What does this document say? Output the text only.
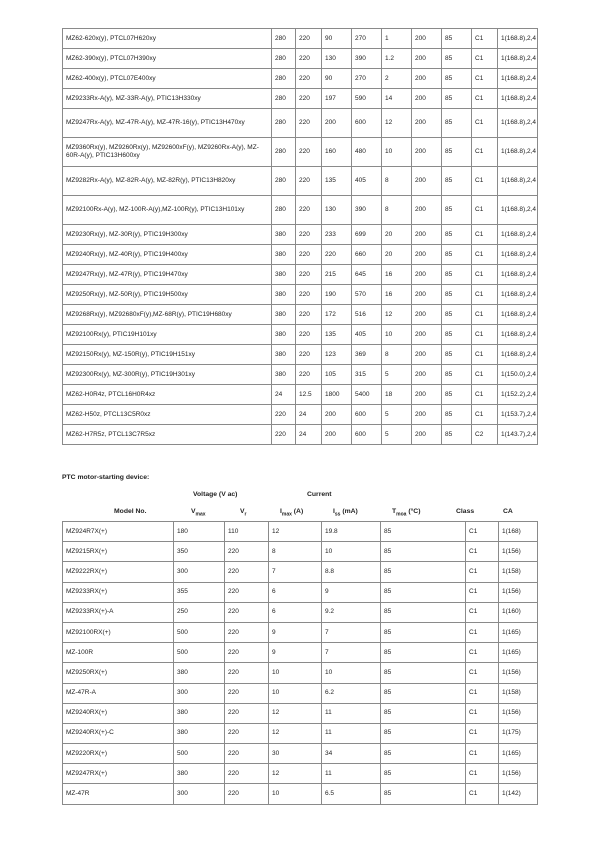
MZ62-620x(y), PTCL07H620xy	280	220	90	270	1	200	85	C1	1(168.8),2,4
MZ62-390x(y), PTCL07H390xy	280	220	130	390	1.2	200	85	C1	1(168.8),2,4
MZ62-400x(y), PTCL07E400xy	280	220	90	270	2	200	85	C1	1(168.8),2,4
MZ9233Rx-A(y), MZ-33R-A(y), PTIC13H330xy	280	220	197	590	14	200	85	C1	1(168.8),2,4
MZ9247Rx-A(y), MZ-47R-A(y), MZ-47R-16(y), PTIC13H470xy	280	220	200	600	12	200	85	C1	1(168.8),2,4
MZ9360Rx(y), MZ9260Rx(y), MZ92600xF(y), MZ9260Rx-A(y), MZ-60R-A(y), PTIC13H600xy	280	220	160	480	10	200	85	C1	1(168.8),2,4
MZ9282Rx-A(y), MZ-82R-A(y), MZ-82R(y), PTIC13H820xy	280	220	135	405	8	200	85	C1	1(168.8),2,4
MZ92100Rx-A(y), MZ-100R-A(y),MZ-100R(y), PTIC13H101xy	280	220	130	390	8	200	85	C1	1(168.8),2,4
MZ9230Rx(y), MZ-30R(y), PTIC19H300xy	380	220	233	699	20	200	85	C1	1(168.8),2,4
MZ9240Rx(y), MZ-40R(y), PTIC19H400xy	380	220	220	660	20	200	85	C1	1(168.8),2,4
MZ9247Rx(y), MZ-47R(y), PTIC19H470xy	380	220	215	645	16	200	85	C1	1(168.8),2,4
MZ9250Rx(y), MZ-50R(y), PTIC19H500xy	380	220	190	570	16	200	85	C1	1(168.8),2,4
MZ9268Rx(y), MZ92680xF(y),MZ-68R(y), PTIC19H680xy	380	220	172	516	12	200	85	C1	1(168.8),2,4
MZ92100Rx(y), PTIC19H101xy	380	220	135	405	10	200	85	C1	1(168.8),2,4
MZ92150Rx(y), MZ-150R(y), PTIC19H151xy	380	220	123	369	8	200	85	C1	1(168.8),2,4
MZ92300Rx(y), MZ-300R(y), PTIC19H301xy	380	220	105	315	5	200	85	C1	1(150.0),2,4
MZ62-H0R4z, PTCL16H0R4xz	24	12.5	1800	5400	18	200	85	C1	1(152.2),2,4
MZ62-H50z, PTCL13C5R0xz	220	24	200	600	5	200	85	C1	1(153.7),2,4
MZ62-H7R5z, PTCL13C7R5xz	220	24	200	600	5	200	85	C2	1(143.7),2,4

PTC motor-starting device:

Voltage (V ac)	Current
Model No.	$V_{max}$	$V_r$	$I_{max}$ (A)	$I_{ss}$ (mA)	$T_{moa}$ (°C)	Class	CA
MZ924R7X(+)	180	110	12	19.8	85	C1	1(168)
MZ9215RX(+)	350	220	8	10	85	C1	1(156)
MZ9222RX(+)	300	220	7	8.8	85	C1	1(158)
MZ9233RX(+)	355	220	6	9	85	C1	1(156)
MZ9233RX(+)-A	250	220	6	9.2	85	C1	1(160)
MZ92100RX(+)	500	220	9	7	85	C1	1(165)
MZ-100R	500	220	9	7	85	C1	1(165)
MZ9250RX(+)	380	220	10	10	85	C1	1(156)
MZ-47R-A	300	220	10	6.2	85	C1	1(158)
MZ9240RX(+)	380	220	12	11	85	C1	1(156)
MZ9240RX(+)-C	380	220	12	11	85	C1	1(175)
MZ9220RX(+)	500	220	30	34	85	C1	1(165)
MZ9247RX(+)	380	220	12	11	85	C1	1(156)
MZ-47R	300	220	10	6.5	85	C1	1(142)
